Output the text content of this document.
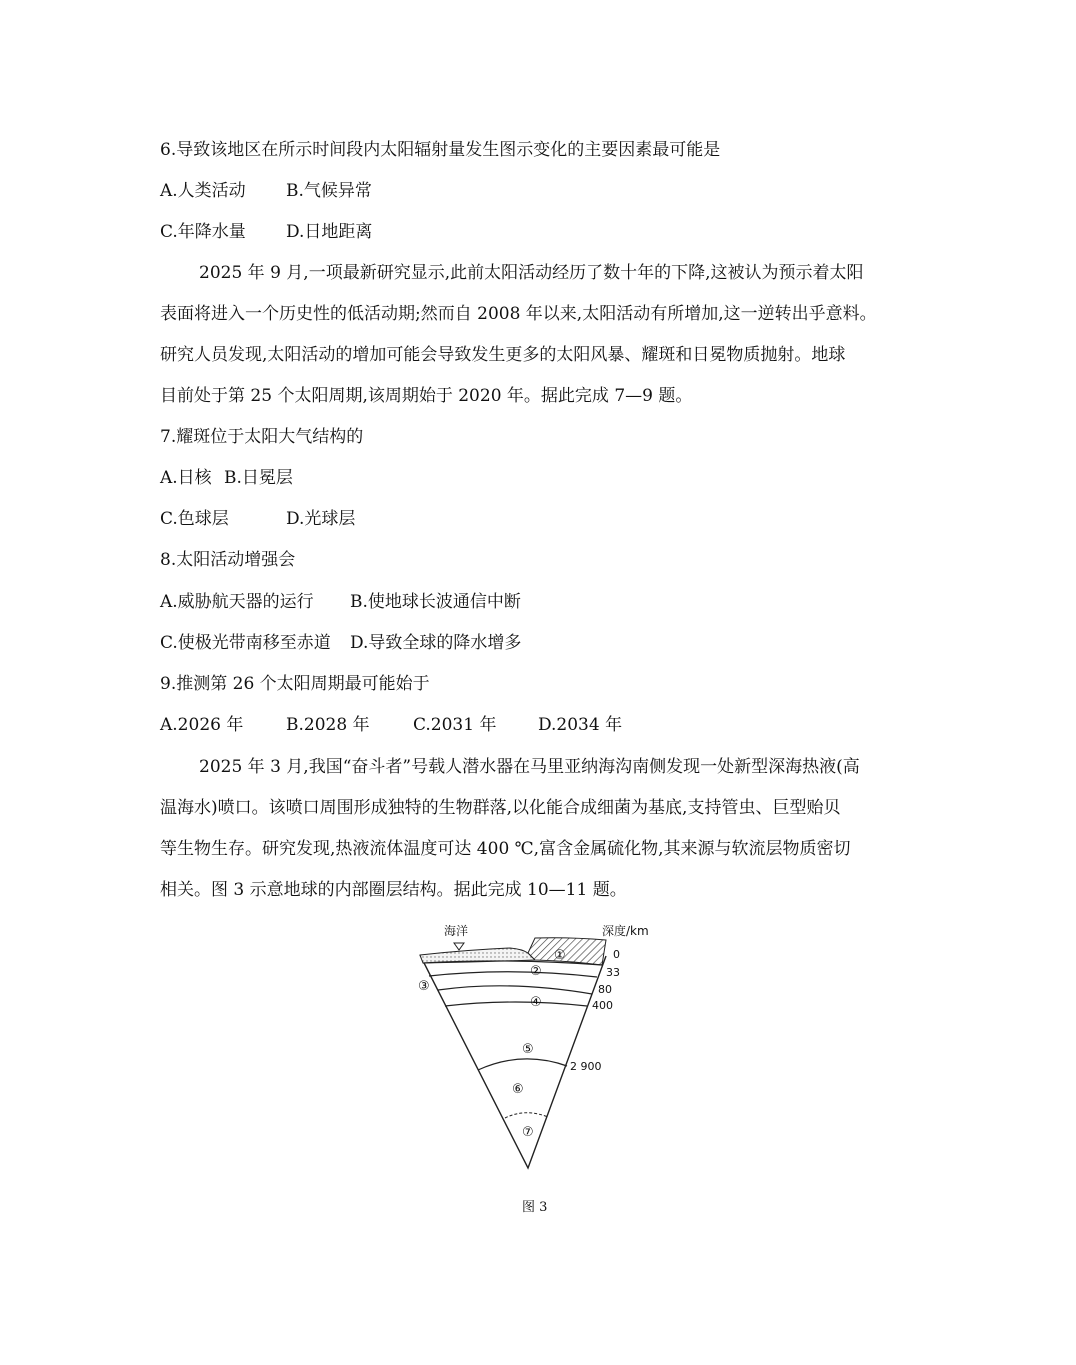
6.导致该地区在所示时间段内太阳辐射量发生图示变化的主要因素最可能是
A.人类活动 B.气候异常
C.年降水量 D.日地距离
2025 年 9 月,一项最新研究显示,此前太阳活动经历了数十年的下降,这被认为预示着太阳
表面将进入一个历史性的低活动期;然而自 2008 年以来,太阳活动有所增加,这一逆转出乎意料。
研究人员发现,太阳活动的增加可能会导致发生更多的太阳风暴、耀斑和日冕物质抛射。地球
目前处于第 25 个太阳周期,该周期始于 2020 年。据此完成 7—9 题。
7.耀斑位于太阳大气结构的
A.日核 B.日冕层
C.色球层	D.光球层
8.太阳活动增强会
A.威胁航天器的运行 B.使地球长波通信中断
C.使极光带南移至赤道 D.导致全球的降水增多
9.推测第 26 个太阳周期最可能始于
A.2026 年	B.2028 年	C.2031 年 D.2034 年
2025 年 3 月,我国“奋斗者”号载人潜水器在马里亚纳海沟南侧发现一处新型深海热液(高
温海水)喷口。该喷口周围形成独特的生物群落,以化能合成细菌为基底,支持管虫、巨型贻贝
等生物生存。研究发现,热液流体温度可达 400 ℃,富含金属硫化物,其来源与软流层物质密切
相关。图 3 示意地球的内部圈层结构。据此完成 10—11 题。
海洋	深度/km
0
33
80
400
2 900
①
②
③
④
⑤
⑥
⑦
图 3
